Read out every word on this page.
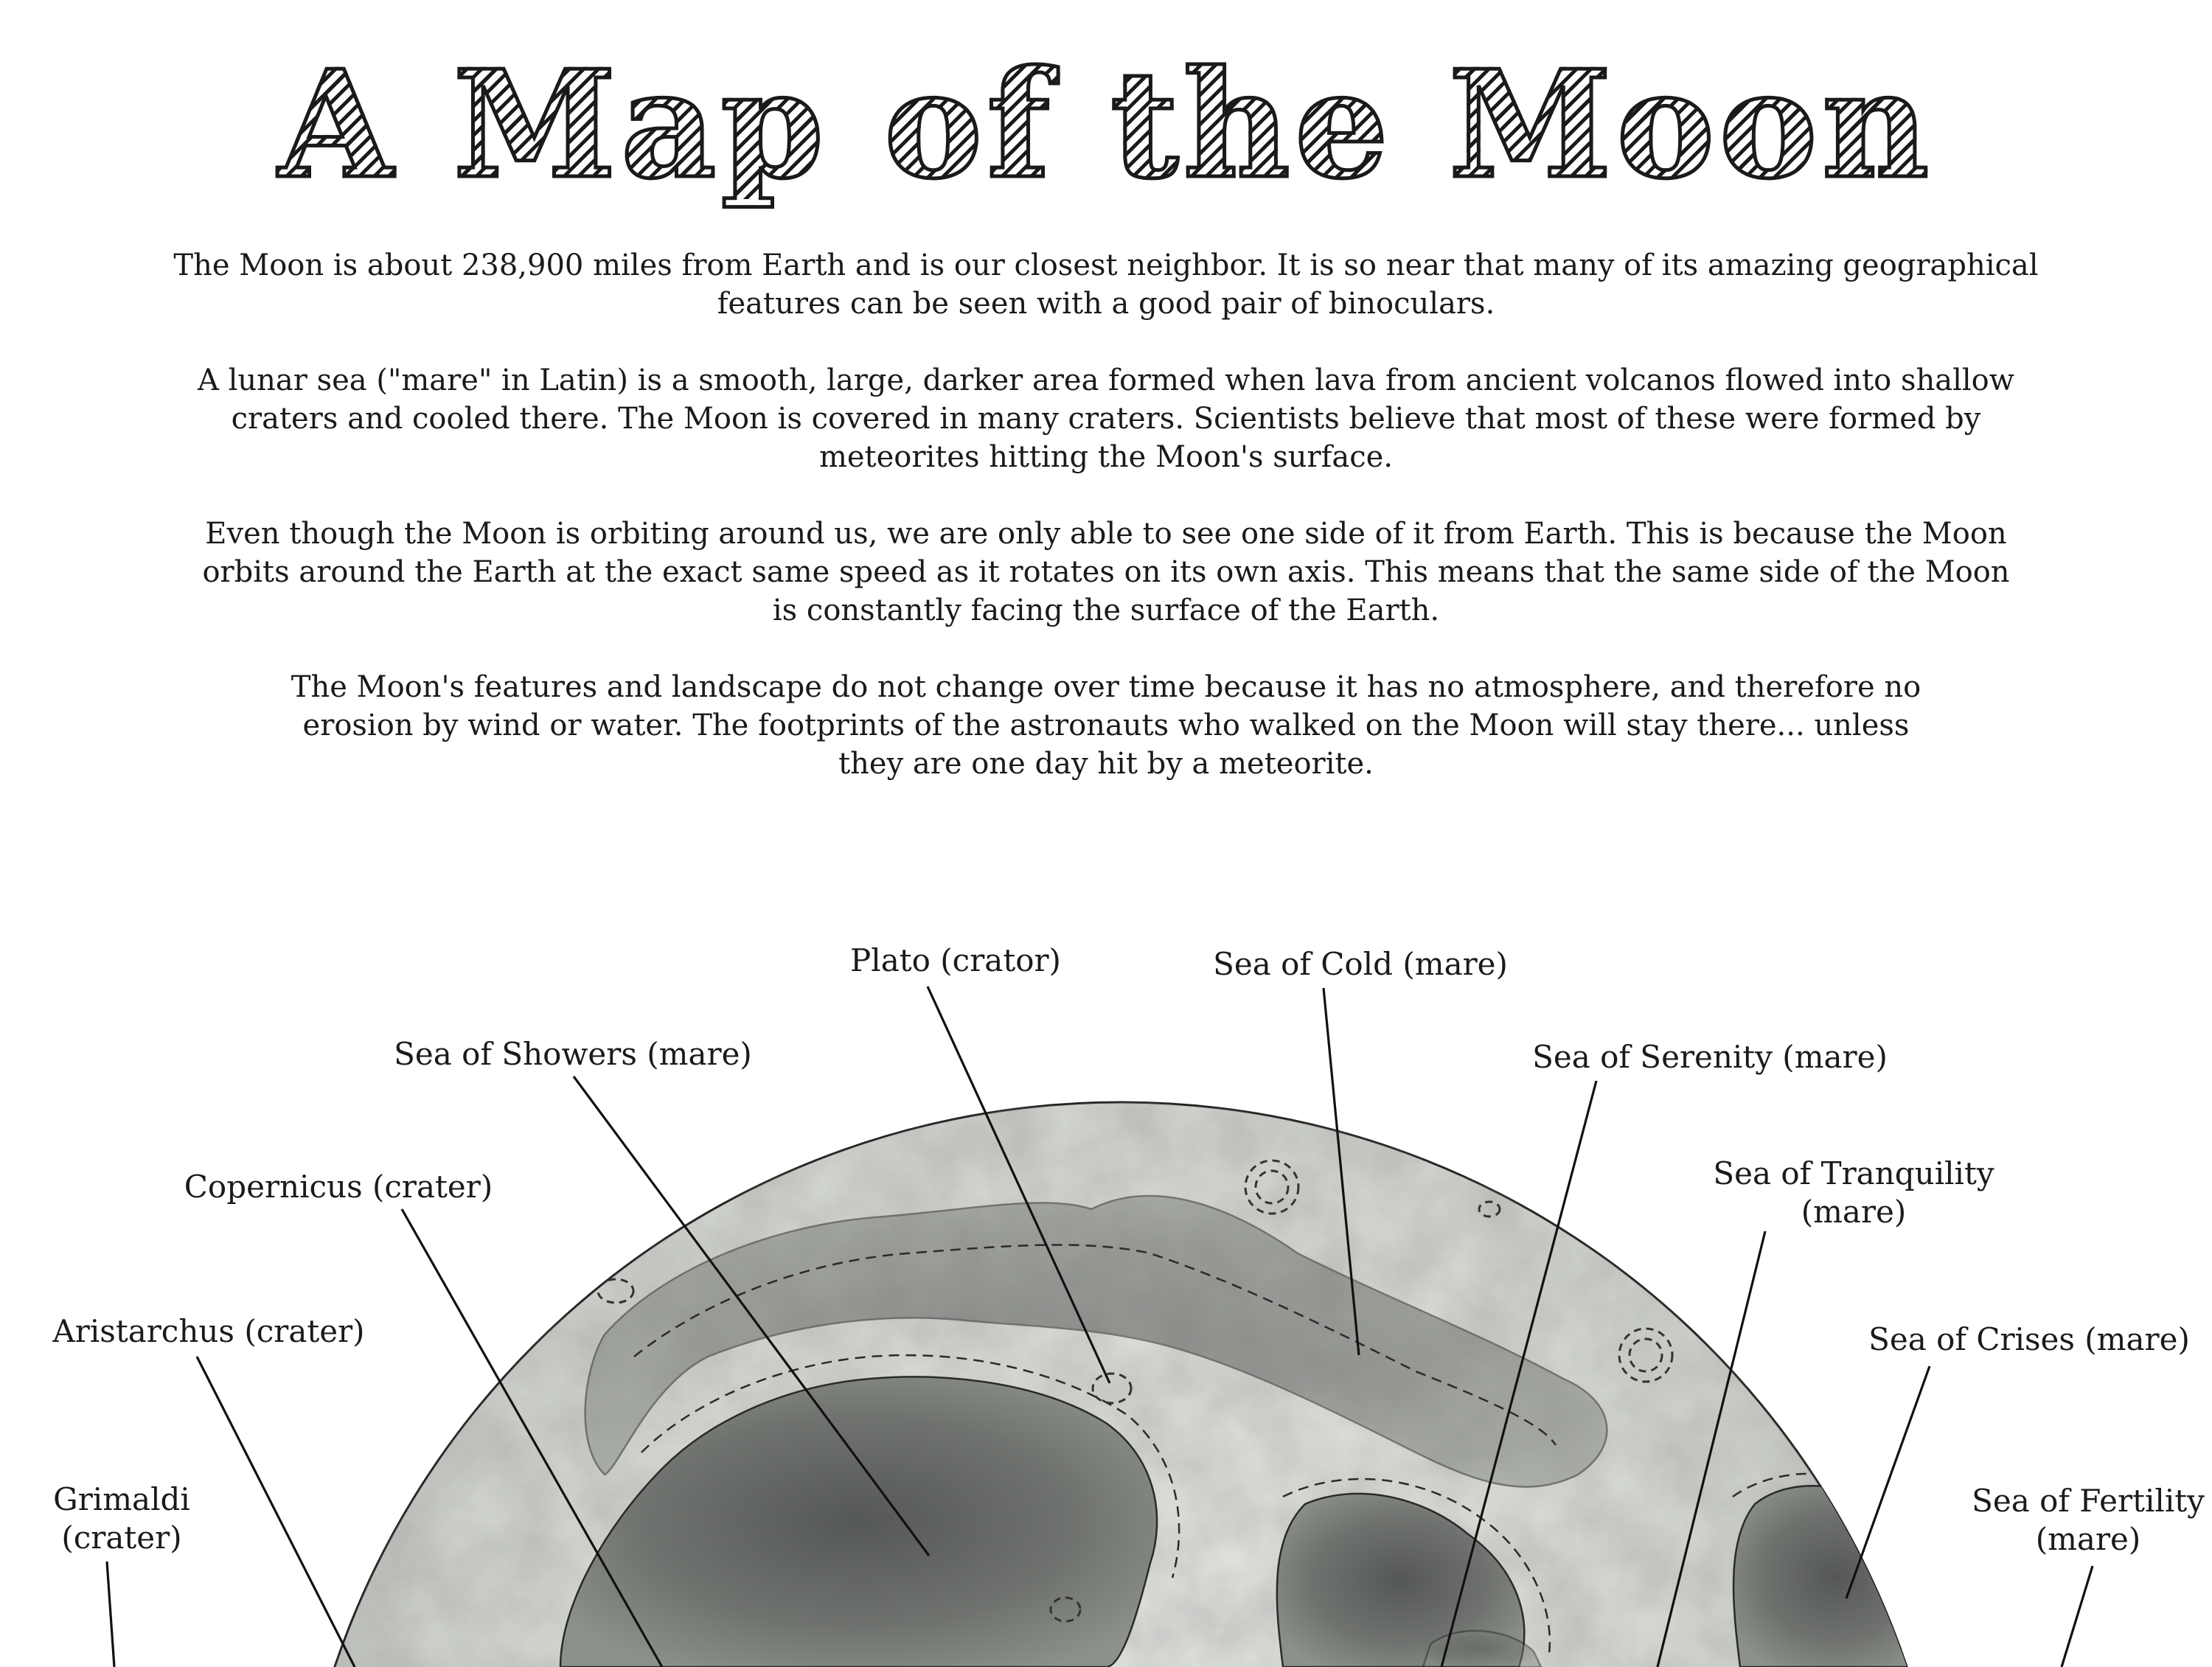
A Map of the Moon

The Moon is about 238,900 miles from Earth and is our closest neighbor. It is so near that many of its amazing geographical
features can be seen with a good pair of binoculars.

A lunar sea ("mare" in Latin) is a smooth, large, darker area formed when lava from ancient volcanos flowed into shallow
craters and cooled there. The Moon is covered in many craters. Scientists believe that most of these were formed by
meteorites hitting the Moon's surface.

Even though the Moon is orbiting around us, we are only able to see one side of it from Earth. This is because the Moon
orbits around the Earth at the exact same speed as it rotates on its own axis. This means that the same side of the Moon
is constantly facing the surface of the Earth.

The Moon's features and landscape do not change over time because it has no atmosphere, and therefore no
erosion by wind or water. The footprints of the astronauts who walked on the Moon will stay there... unless
they are one day hit by a meteorite.

Plato (crator)	Sea of Cold (mare)
Sea of Showers (mare)	Sea of Serenity (mare)
Copernicus (crater)	Sea of Tranquility
(mare)
Aristarchus (crater)	Sea of Crises (mare)
Grimaldi
(crater)
Sea of Fertility
(mare)
